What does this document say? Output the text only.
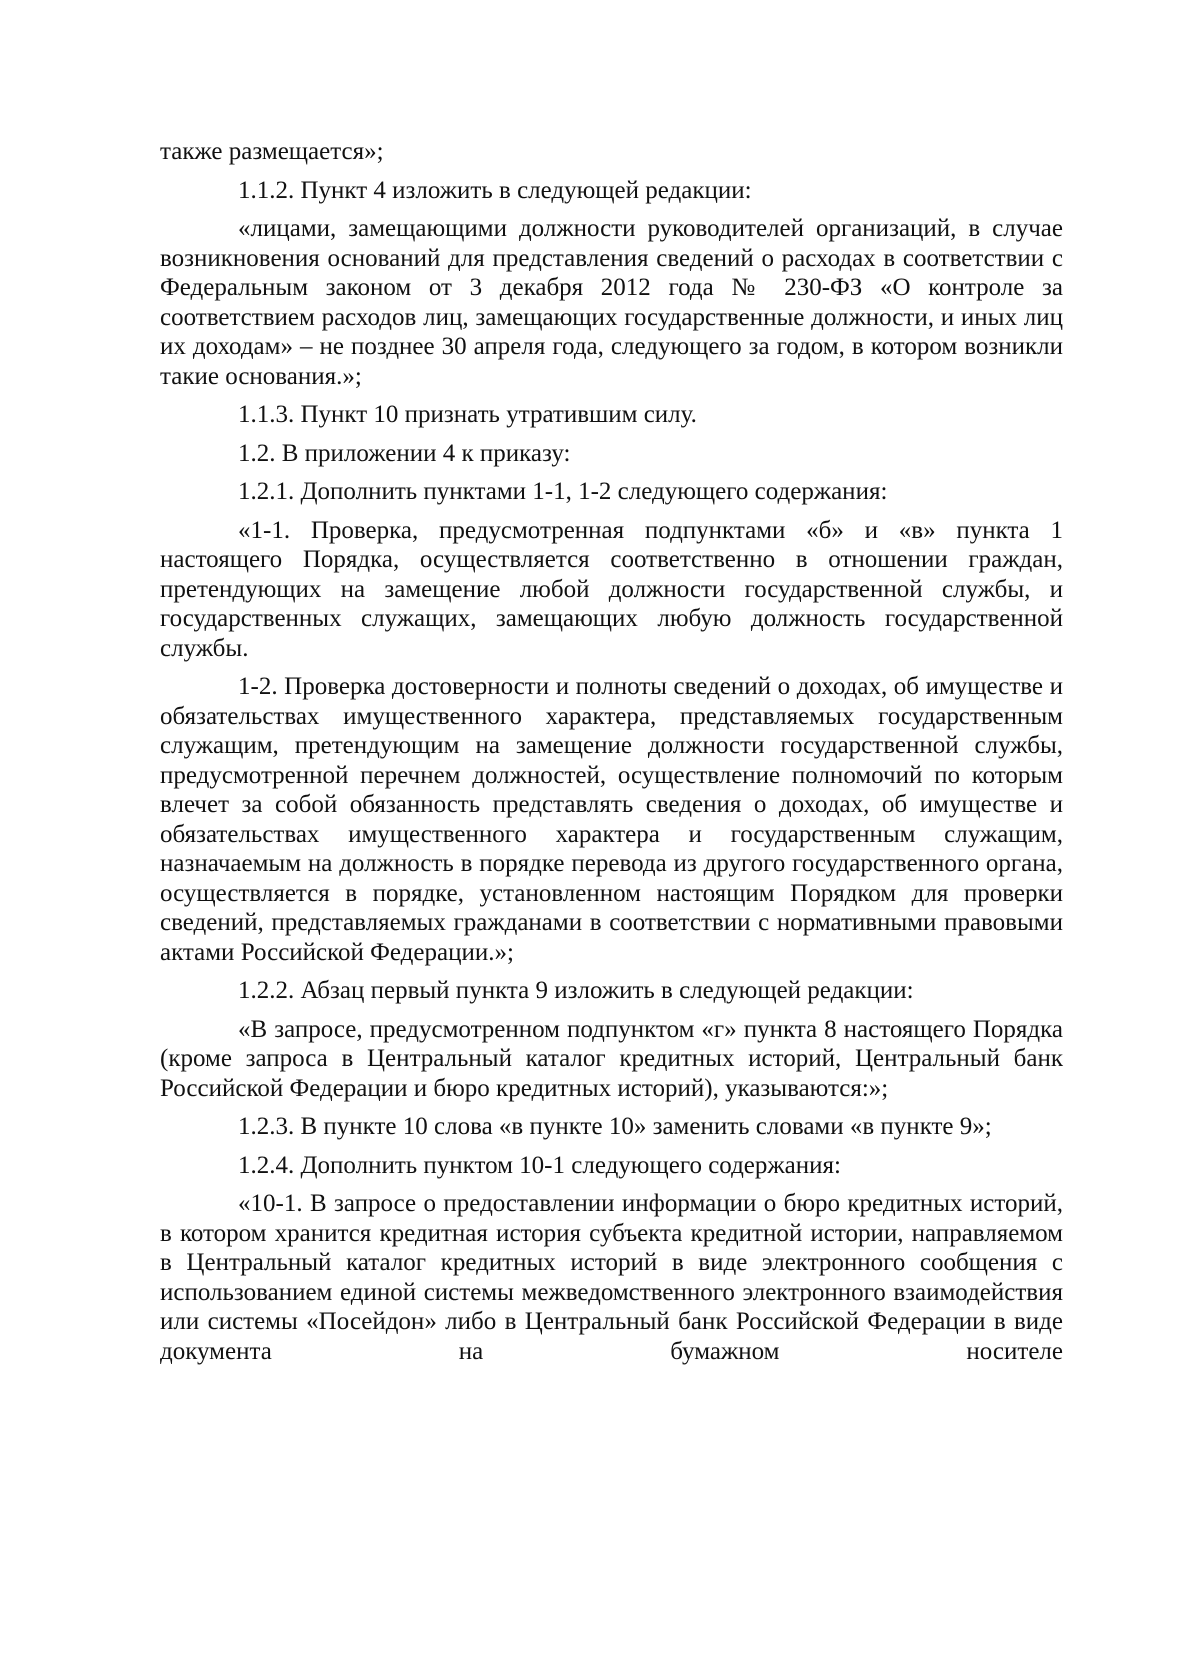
также размещается»;

1.1.2. Пункт 4 изложить в следующей редакции:

«лицами, замещающими должности руководителей организаций, в случае возникновения оснований для представления сведений о расходах в соответствии с Федеральным законом от 3 декабря 2012 года № 230-ФЗ «О контроле за соответствием расходов лиц, замещающих государственные должности, и иных лиц их доходам» – не позднее 30 апреля года, следующего за годом, в котором возникли такие основания.»;

1.1.3. Пункт 10 признать утратившим силу.

1.2. В приложении 4 к приказу:

1.2.1. Дополнить пунктами 1-1, 1-2 следующего содержания:

«1-1. Проверка, предусмотренная подпунктами «б» и «в» пункта 1 настоящего Порядка, осуществляется соответственно в отношении граждан, претендующих на замещение любой должности государственной службы, и государственных служащих, замещающих любую должность государственной службы.

1-2. Проверка достоверности и полноты сведений о доходах, об имуществе и обязательствах имущественного характера, представляемых государственным служащим, претендующим на замещение должности государственной службы, предусмотренной перечнем должностей, осуществление полномочий по которым влечет за собой обязанность представлять сведения о доходах, об имуществе и обязательствах имущественного характера и государственным служащим, назначаемым на должность в порядке перевода из другого государственного органа, осуществляется в порядке, установленном настоящим Порядком для проверки сведений, представляемых гражданами в соответствии с нормативными правовыми актами Российской Федерации.»;

1.2.2. Абзац первый пункта 9 изложить в следующей редакции:

«В запросе, предусмотренном подпунктом «г» пункта 8 настоящего Порядка (кроме запроса в Центральный каталог кредитных историй, Центральный банк Российской Федерации и бюро кредитных историй), указываются:»;

1.2.3. В пункте 10 слова «в пункте 10» заменить словами «в пункте 9»;

1.2.4. Дополнить пунктом 10-1 следующего содержания:

«10-1. В запросе о предоставлении информации о бюро кредитных историй, в котором хранится кредитная история субъекта кредитной истории, направляемом в Центральный каталог кредитных историй в виде электронного сообщения с использованием единой системы межведомственного электронного взаимодействия или системы «Посейдон» либо в Центральный банк Российской Федерации в виде документа на бумажном носителе
